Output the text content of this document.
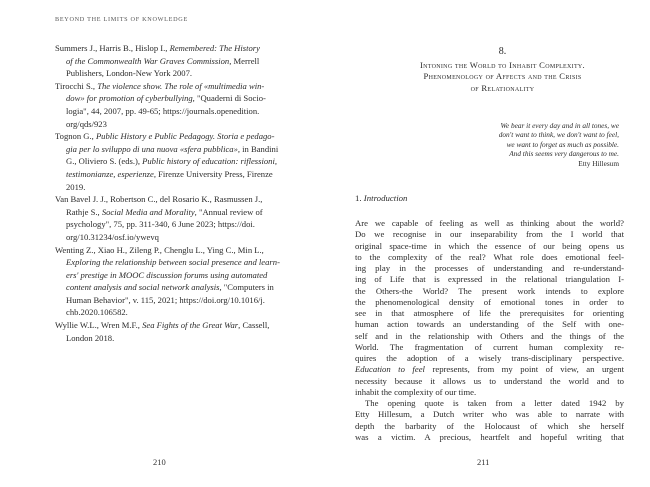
BEYOND THE LIMITS OF KNOWLEDGE

Summers J., Harris B., Hislop I., Remembered: The History
of the Commonwealth War Graves Commission, Merrell
Publishers, London-New York 2007.

Tirocchi S., The violence show. The role of «multimedia win-
dow» for promotion of cyberbullying, "Quaderni di Socio-
logia", 44, 2007, pp. 49-65; https://journals.openedition.
org/qds/923

Tognon G., Public History e Public Pedagogy. Storia e pedago-
gia per lo sviluppo di una nuova «sfera pubblica», in Bandini
G., Oliviero S. (eds.), Public history of education: riflessioni,
testimonianze, esperienze, Firenze University Press, Firenze
2019.

Van Bavel J. J., Robertson C., del Rosario K., Rasmussen J.,
Rathje S., Social Media and Morality, "Annual review of
psychology", 75, pp. 311-340, 6 June 2023; https://doi.
org/10.31234/osf.io/ywevq

Wenting Z., Xiao H., Zileng P., Chenglu L., Ying C., Min L.,
Exploring the relationship between social presence and learn-
ers' prestige in MOOC discussion forums using automated
content analysis and social network analysis, "Computers in
Human Behavior", v. 115, 2021; https://doi.org/10.1016/j.
chb.2020.106582.

Wyllie W.L., Wren M.F., Sea Fights of the Great War, Cassell,
London 2018.

210

8.

Intoning the World to Inhabit Complexity.
Phenomenology of Affects and the Crisis
of Relationality

We bear it every day and in all tones, we

don't want to think, we don't want to feel,

we want to forget as much as possible.

And this seems very dangerous to me.

Etty Hillesum

1. Introduction

Are we capable of feeling as well as thinking about the world?

Do we recognise in our inseparability from the I world that

original space-time in which the essence of our being opens us

to the complexity of the real? What role does emotional feel-

ing play in the processes of understanding and re-understand-

ing of Life that is expressed in the relational triangulation I-

the Others-the World? The present work intends to explore

the phenomenological density of emotional tones in order to

see in that atmosphere of life the prerequisites for orienting

human action towards an understanding of the Self with one-

self and in the relationship with Others and the things of the

World. The fragmentation of current human complexity re-

quires the adoption of a wisely trans-disciplinary perspective.

Education to feel represents, from my point of view, an urgent

necessity because it allows us to understand the world and to

inhabit the complexity of our time.

The opening quote is taken from a letter dated 1942 by

Etty Hillesum, a Dutch writer who was able to narrate with

depth the barbarity of the Holocaust of which she herself

was a victim. A precious, heartfelt and hopeful writing that

211
